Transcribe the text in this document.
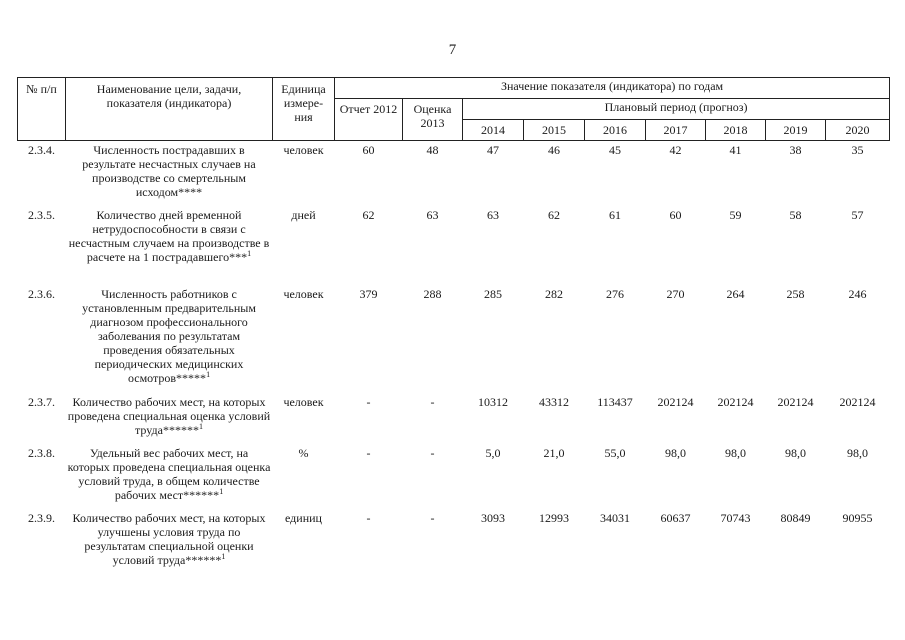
7
№ п/п	Наименование цели, задачи, показателя (индикатора)	Единица измере-ния	Значение показателя (индикатора) по годам								
			Отчет 2012	Оценка 2013	Плановый период (прогноз)						
					2014	2015	2016	2017	2018	2019	2020
2.3.4.	Численность пострадавших в результате несчастных случаев на производстве со смертельным исходом****	человек	60	48	47	46	45	42	41	38	35
2.3.5.	Количество дней временной нетрудоспособности в связи с несчастным случаем на производстве в расчете на 1 пострадавшего***$^1$	дней	62	63	63	62	61	60	59	58	57
2.3.6.	Численность работников с установленным предварительным диагнозом профессионального заболевания по результатам проведения обязательных периодических медицинских осмотров*****$^1$	человек	379	288	285	282	276	270	264	258	246
2.3.7.	Количество рабочих мест, на которых проведена специальная оценка условий труда******$^1$	человек	-	-	10312	43312	113437	202124	202124	202124	202124
2.3.8.	Удельный вес рабочих мест, на которых проведена специальная оценка условий труда, в общем количестве рабочих мест******$^1$	%	-	-	5,0	21,0	55,0	98,0	98,0	98,0	98,0
2.3.9.	Количество рабочих мест, на которых улучшены условия труда по результатам специальной оценки условий труда******$^1$	единиц	-	-	3093	12993	34031	60637	70743	80849	90955
